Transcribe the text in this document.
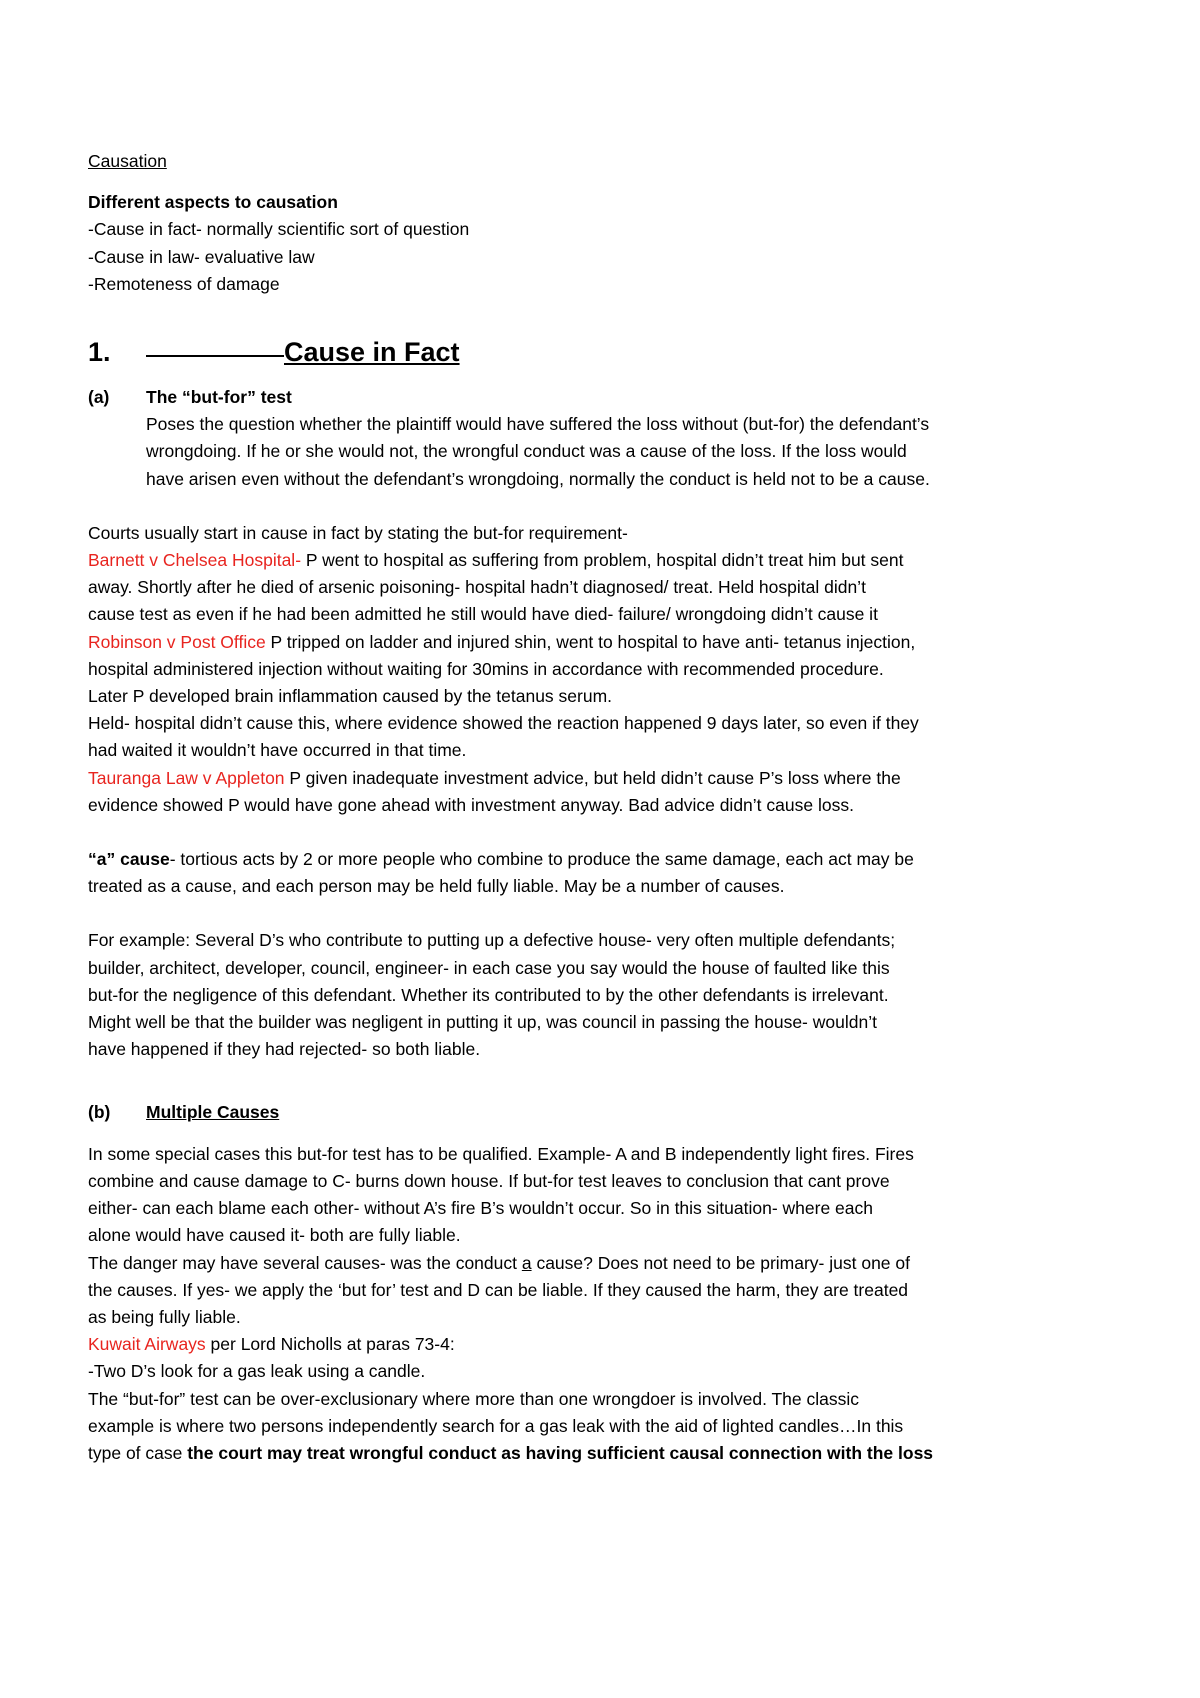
Causation
Different aspects to causation
-Cause in fact- normally scientific sort of question
-Cause in law- evaluative law
-Remoteness of damage
1.	Cause in Fact
(a)	The “but-for” test
Poses the question whether the plaintiff would have suffered the loss without (but-for) the defendant’s
wrongdoing. If he or she would not, the wrongful conduct was a cause of the loss. If the loss would
have arisen even without the defendant’s wrongdoing, normally the conduct is held not to be a cause.
Courts usually start in cause in fact by stating the but-for requirement-
Barnett v Chelsea Hospital- P went to hospital as suffering from problem, hospital didn’t treat him but sent
away. Shortly after he died of arsenic poisoning- hospital hadn’t diagnosed/ treat. Held hospital didn’t
cause test as even if he had been admitted he still would have died- failure/ wrongdoing didn’t cause it
Robinson v Post Office P tripped on ladder and injured shin, went to hospital to have anti- tetanus injection,
hospital administered injection without waiting for 30mins in accordance with recommended procedure.
Later P developed brain inflammation caused by the tetanus serum.
Held- hospital didn’t cause this, where evidence showed the reaction happened 9 days later, so even if they
had waited it wouldn’t have occurred in that time.
Tauranga Law v Appleton P given inadequate investment advice, but held didn’t cause P’s loss where the
evidence showed P would have gone ahead with investment anyway. Bad advice didn’t cause loss.
“a” cause- tortious acts by 2 or more people who combine to produce the same damage, each act may be
treated as a cause, and each person may be held fully liable. May be a number of causes.
For example: Several D’s who contribute to putting up a defective house- very often multiple defendants;
builder, architect, developer, council, engineer- in each case you say would the house of faulted like this
but-for the negligence of this defendant. Whether its contributed to by the other defendants is irrelevant.
Might well be that the builder was negligent in putting it up, was council in passing the house- wouldn’t
have happened if they had rejected- so both liable.
(b)	Multiple Causes
In some special cases this but-for test has to be qualified. Example- A and B independently light fires. Fires
combine and cause damage to C- burns down house. If but-for test leaves to conclusion that cant prove
either- can each blame each other- without A’s fire B’s wouldn’t occur. So in this situation- where each
alone would have caused it- both are fully liable.
The danger may have several causes- was the conduct a cause? Does not need to be primary- just one of
the causes. If yes- we apply the ‘but for’ test and D can be liable. If they caused the harm, they are treated
as being fully liable.
Kuwait Airways per Lord Nicholls at paras 73-4:
-Two D’s look for a gas leak using a candle.
The “but-for” test can be over-exclusionary where more than one wrongdoer is involved. The classic
example is where two persons independently search for a gas leak with the aid of lighted candles…In this
type of case the court may treat wrongful conduct as having sufficient causal connection with the loss
